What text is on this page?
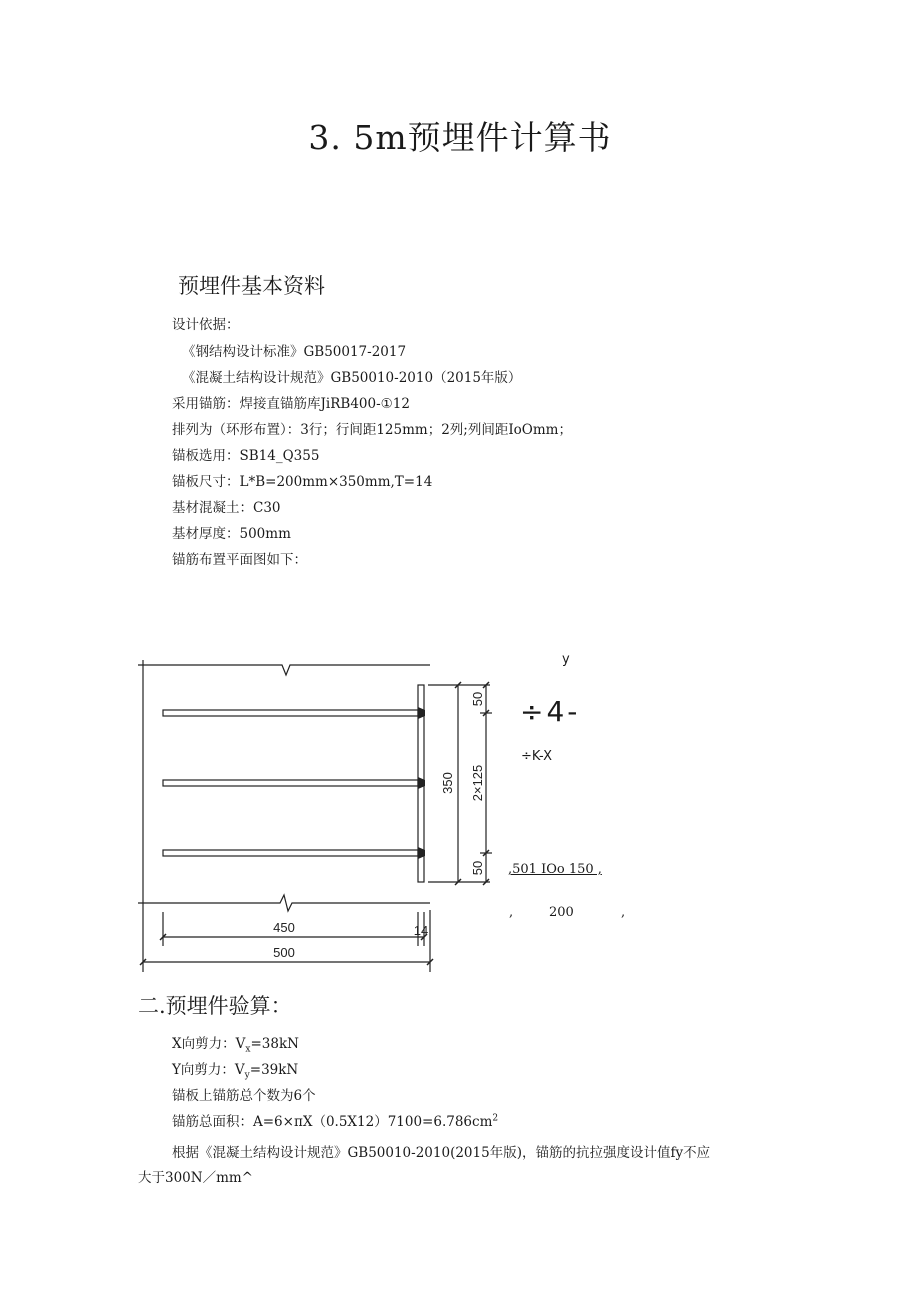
3. 5m预埋件计算书
预埋件基本资料
设计依据：
《钢结构设计标准》GB50017-2017
《混凝土结构设计规范》GB50010-2010（2015年版）
采用锚筋：焊接直锚筋库JiRB400-①12
排列为（环形布置）：3行；行间距125mm；2列;列间距IoOmm；
锚板选用：SB14_Q355
锚板尺寸：L*B=200mm×350mm,T=14
基材混凝土：C30
基材厚度：500mm
锚筋布置平面图如下：
450
500
14
350
50
2×125
50
y
÷4-
÷K-X
,501 IOo 150 ,
,	200	,
二.预埋件验算：
X向剪力：$V_x=38kN$
Y向剪力：$V_y=39kN$
锚板上锚筋总个数为6个
锚筋总面积：$A=6\times\pi X(0.5X12)7100=6.786cm^2$
根据《混凝土结构设计规范》GB50010-2010(2015年版)，锚筋的抗拉强度设计值fy不应
大于300N／mm^
